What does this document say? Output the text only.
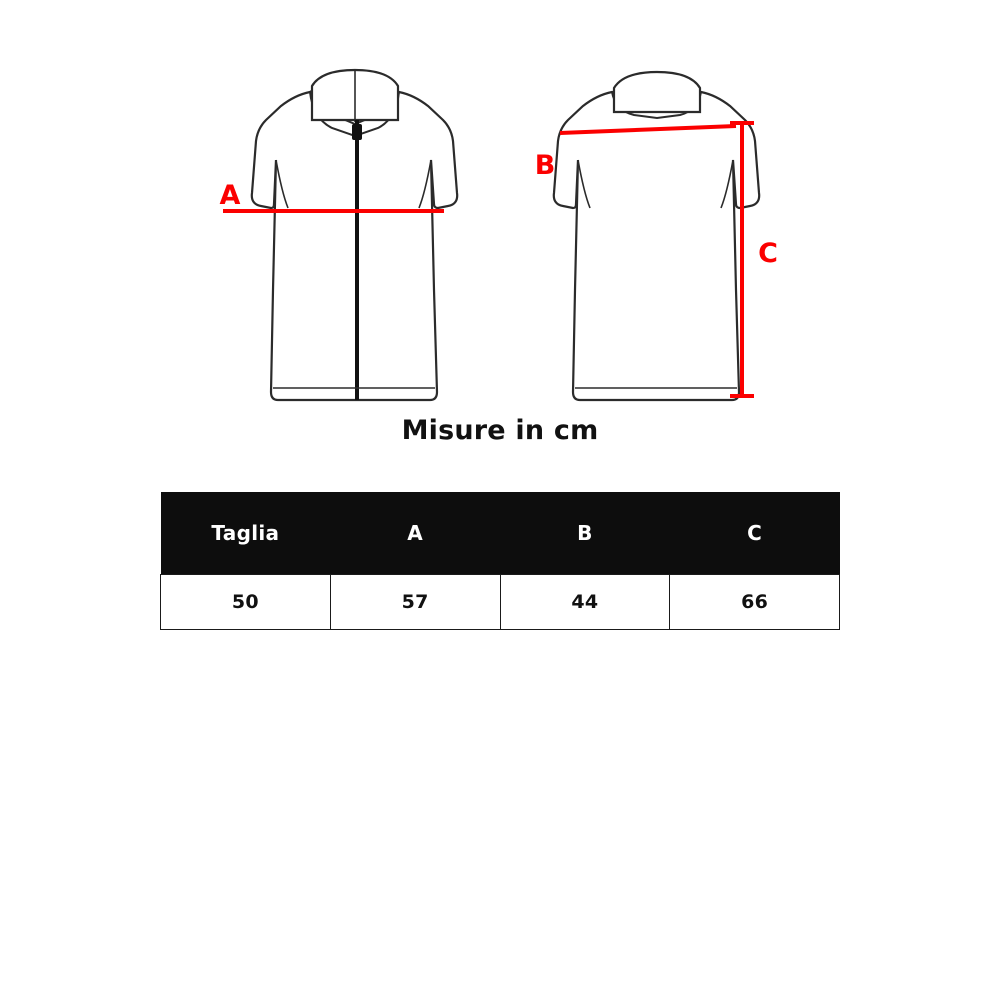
A
B
C
Misure in cm
Taglia	A	B	C
50	57	44	66
